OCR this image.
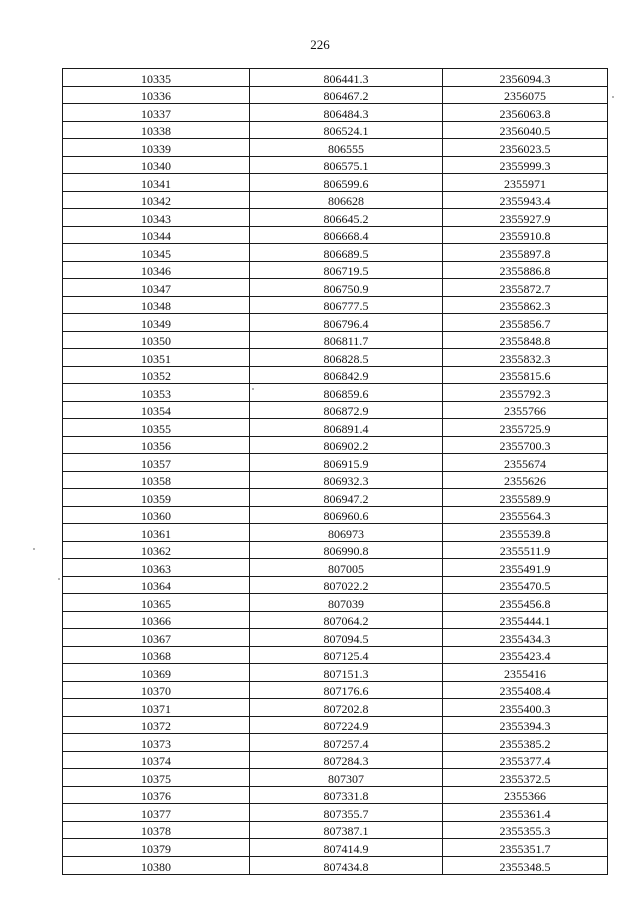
226
10335	806441.3	2356094.3
10336	806467.2	2356075
10337	806484.3	2356063.8
10338	806524.1	2356040.5
10339	806555	2356023.5
10340	806575.1	2355999.3
10341	806599.6	2355971
10342	806628	2355943.4
10343	806645.2	2355927.9
10344	806668.4	2355910.8
10345	806689.5	2355897.8
10346	806719.5	2355886.8
10347	806750.9	2355872.7
10348	806777.5	2355862.3
10349	806796.4	2355856.7
10350	806811.7	2355848.8
10351	806828.5	2355832.3
10352	806842.9	2355815.6
10353	806859.6	2355792.3
10354	806872.9	2355766
10355	806891.4	2355725.9
10356	806902.2	2355700.3
10357	806915.9	2355674
10358	806932.3	2355626
10359	806947.2	2355589.9
10360	806960.6	2355564.3
10361	806973	2355539.8
10362	806990.8	2355511.9
10363	807005	2355491.9
10364	807022.2	2355470.5
10365	807039	2355456.8
10366	807064.2	2355444.1
10367	807094.5	2355434.3
10368	807125.4	2355423.4
10369	807151.3	2355416
10370	807176.6	2355408.4
10371	807202.8	2355400.3
10372	807224.9	2355394.3
10373	807257.4	2355385.2
10374	807284.3	2355377.4
10375	807307	2355372.5
10376	807331.8	2355366
10377	807355.7	2355361.4
10378	807387.1	2355355.3
10379	807414.9	2355351.7
10380	807434.8	2355348.5
